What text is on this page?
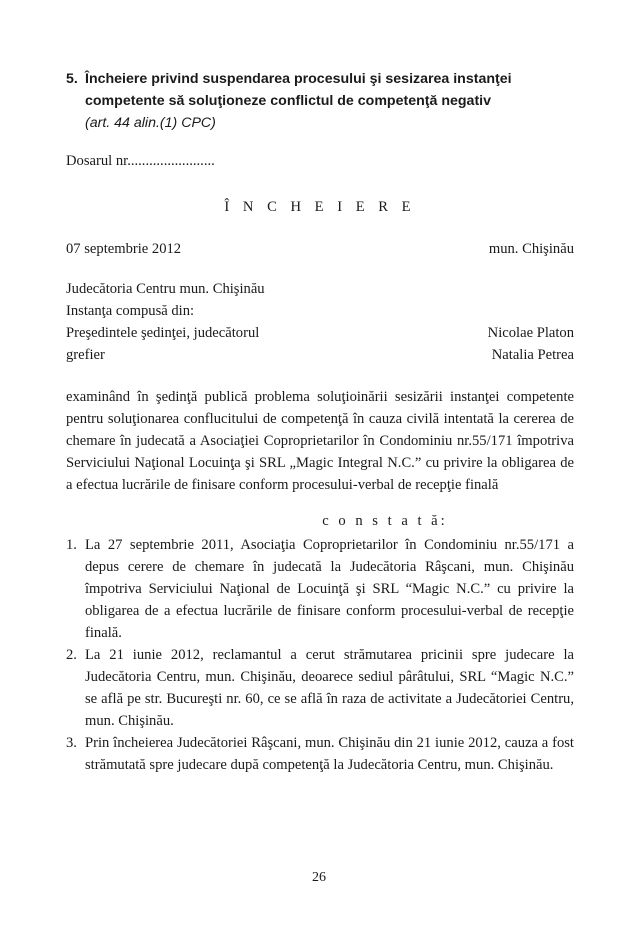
5. Încheiere privind suspendarea procesului şi sesizarea instanţei
competente să soluţioneze conflictul de competenţă negativ
(art. 44 alin.(1) CPC)
Dosarul nr........................
Î N C H E I E R E
07 septembrie 2012	mun. Chişinău
Judecătoria Centru mun. Chişinău
Instanţa compusă din:
Preşedintele şedinţei, judecătorul	Nicolae Platon
grefier	Natalia Petrea
examinând în şedinţă publică problema soluţioinării sesizării instanţei competente pentru soluţionarea conflucitului de competenţă în cauza civilă intentată la cererea de chemare în judecată a Asociaţiei Coproprietarilor în Condominiu nr.55/171 împotriva Serviciului Naţional Locuinţa şi SRL „Magic Integral N.C.” cu privire la obligarea de a efectua lucrările de finisare conform procesului-verbal de recepţie finală
c o n s t a t ă:
1. La 27 septembrie 2011, Asociaţia Coproprietarilor în Condominiu nr.55/171 a depus cerere de chemare în judecată la Judecătoria Râşcani, mun. Chişinău împotriva Serviciului Naţional de Locuinţă şi SRL “Magic N.C.” cu privire la obligarea de a efectua lucrările de finisare conform procesului-verbal de recepţie finală.
2. La 21 iunie 2012, reclamantul a cerut strămutarea pricinii spre judecare la Judecătoria Centru, mun. Chişinău, deoarece sediul pârâtului, SRL “Magic N.C.” se află pe str. Bucureşti nr. 60, ce se află în raza de activitate a Judecătoriei Centru, mun. Chişinău.
3. Prin încheierea Judecătoriei Râşcani, mun. Chişinău din 21 iunie 2012, cauza a fost strămutată spre judecare după competenţă la Judecătoria Centru, mun. Chişinău.
26
